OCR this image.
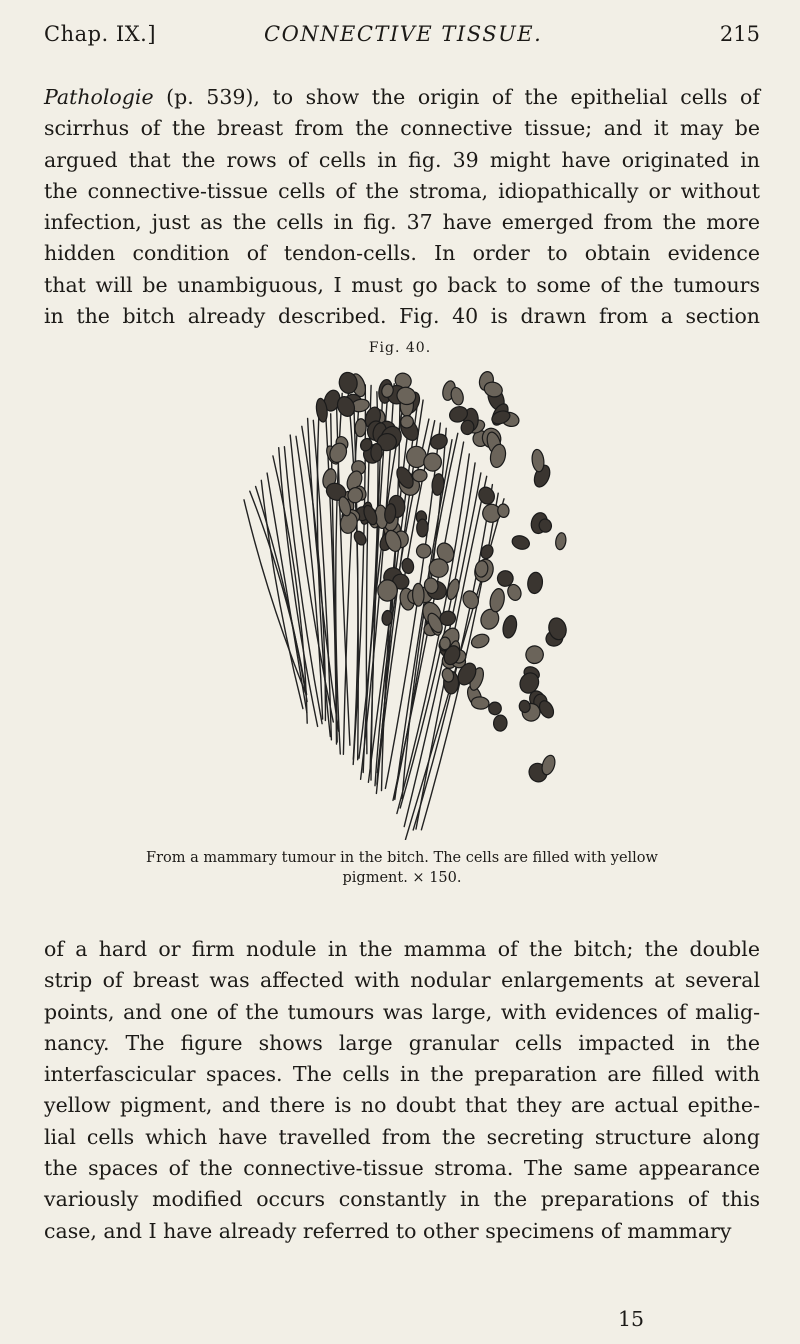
Chap. IX.]	CONNECTIVE TISSUE.	215

Pathologie (p. 539), to show the origin of the epithelial cells of

scirrhus of the breast from the connective tissue; and it may be

argued that the rows of cells in fig. 39 might have originated in

the connective-tissue cells of the stroma, idiopathically or without

infection, just as the cells in fig. 37 have emerged from the more

hidden condition of tendon-cells. In order to obtain evidence

that will be unambiguous, I must go back to some of the tumours

in the bitch already described. Fig. 40 is drawn from a section

Fig. 40.

From a mammary tumour in the bitch. The cells are filled with yellow

pigment. × 150.

of a hard or firm nodule in the mamma of the bitch; the double

strip of breast was affected with nodular enlargements at several

points, and one of the tumours was large, with evidences of malig-

nancy. The figure shows large granular cells impacted in the

interfascicular spaces. The cells in the preparation are filled with

yellow pigment, and there is no doubt that they are actual epithe-

lial cells which have travelled from the secreting structure along

the spaces of the connective-tissue stroma. The same appearance

variously modified occurs constantly in the preparations of this

case, and I have already referred to other specimens of mammary

15
